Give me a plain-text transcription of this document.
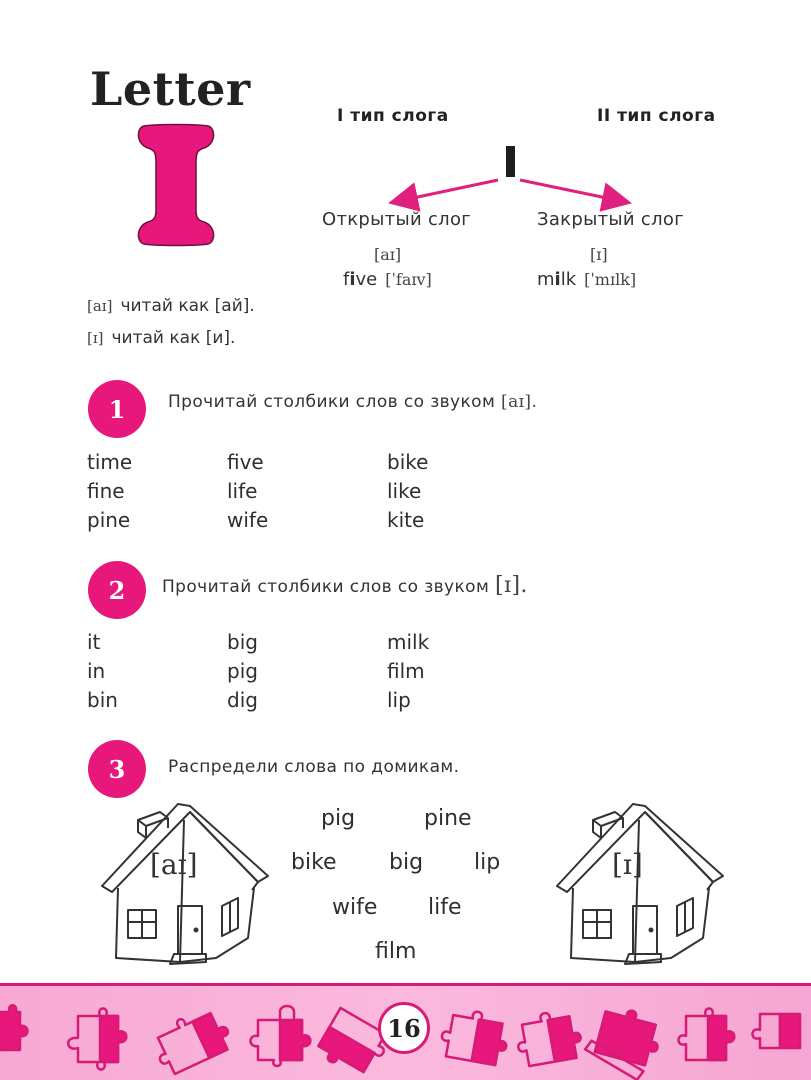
Letter	I тип слога	II тип слога
Открытый слог	Закрытый слог
[aɪ]	[ɪ]
five [ˈfaɪv]	milk [ˈmɪlk]
[aɪ] читай как [ай].
[ɪ] читай как [и].
1	Прочитай столбики слов со звуком [aɪ].
time	five	bike
fine	life	like
pine	wife	kite
2	Прочитай столбики слов со звуком [ɪ].
it	big	milk
in	pig	film
bin	dig	lip
3	Распредели слова по домикам.
[aɪ]	[ɪ]
pig	pine
bike big lip
wife life
film
16
